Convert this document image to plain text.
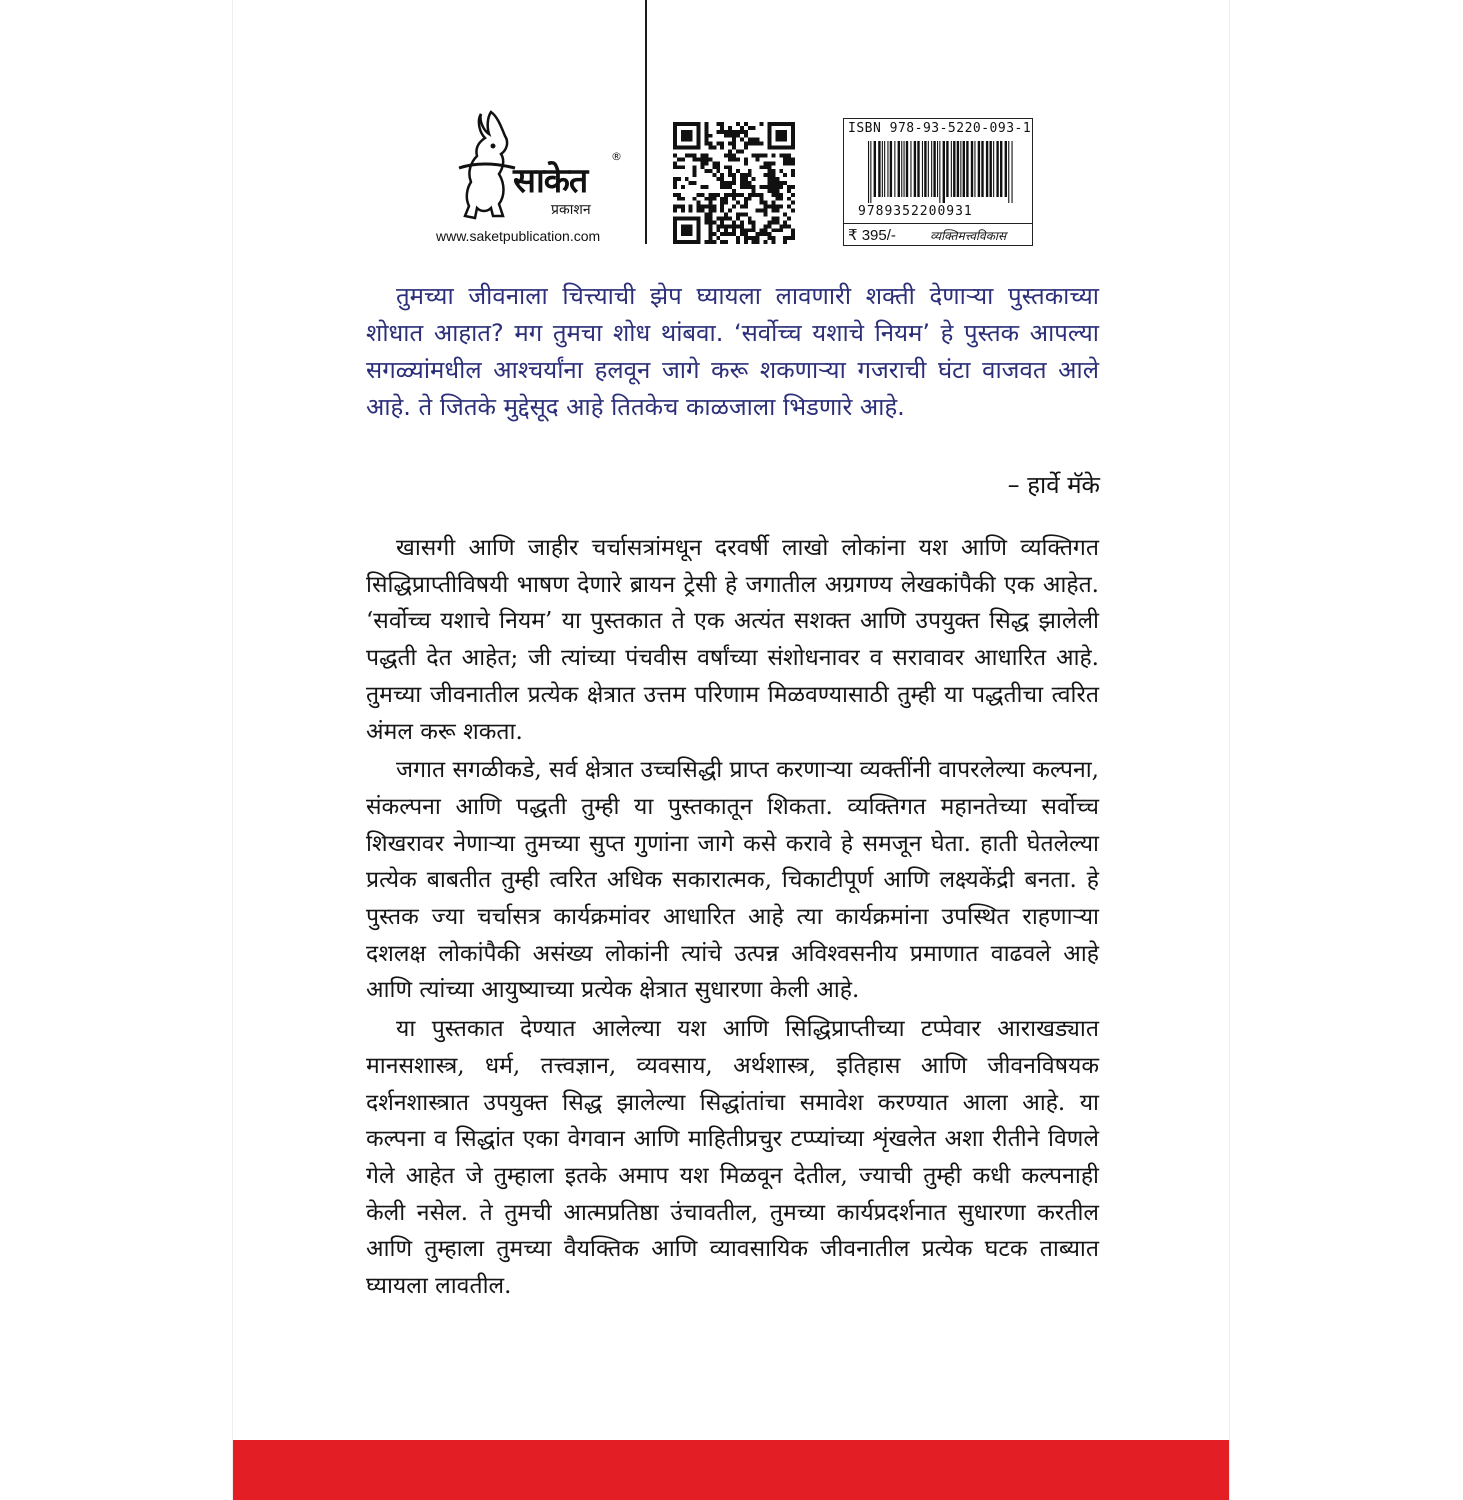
साकेत
®
प्रकाशन
www.saketpublication.com
ISBN 978-93-5220-093-1
9789352200931
₹ 395/-	व्यक्तिमत्त्वविकास

तुमच्या जीवनाला चित्त्याची झेप घ्यायला लावणारी शक्ती देणाऱ्या पुस्तकाच्या शोधात आहात? मग तुमचा शोध थांबवा. ‘सर्वोच्च यशाचे नियम’ हे पुस्तक आपल्या सगळ्यांमधील आश्चर्यांना हलवून जागे करू शकणाऱ्या गजराची घंटा वाजवत आले आहे. ते जितके मुद्देसूद आहे तितकेच काळजाला भिडणारे आहे.

– हार्वे मॅके

खासगी आणि जाहीर चर्चासत्रांमधून दरवर्षी लाखो लोकांना यश आणि व्यक्तिगत सिद्धिप्राप्तीविषयी भाषण देणारे ब्रायन ट्रेसी हे जगातील अग्रगण्य लेखकांपैकी एक आहेत. ‘सर्वोच्च यशाचे नियम’ या पुस्तकात ते एक अत्यंत सशक्त आणि उपयुक्त सिद्ध झालेली पद्धती देत आहेत; जी त्यांच्या पंचवीस वर्षांच्या संशोधनावर व सरावावर आधारित आहे. तुमच्या जीवनातील प्रत्येक क्षेत्रात उत्तम परिणाम मिळवण्यासाठी तुम्ही या पद्धतीचा त्वरित अंमल करू शकता.

जगात सगळीकडे, सर्व क्षेत्रात उच्चसिद्धी प्राप्त करणाऱ्या व्यक्तींनी वापरलेल्या कल्पना, संकल्पना आणि पद्धती तुम्ही या पुस्तकातून शिकता. व्यक्तिगत महानतेच्या सर्वोच्च शिखरावर नेणाऱ्या तुमच्या सुप्त गुणांना जागे कसे करावे हे समजून घेता. हाती घेतलेल्या प्रत्येक बाबतीत तुम्ही त्वरित अधिक सकारात्मक, चिकाटीपूर्ण आणि लक्ष्यकेंद्री बनता. हे पुस्तक ज्या चर्चासत्र कार्यक्रमांवर आधारित आहे त्या कार्यक्रमांना उपस्थित राहणाऱ्या दशलक्ष लोकांपैकी असंख्य लोकांनी त्यांचे उत्पन्न अविश्वसनीय प्रमाणात वाढवले आहे आणि त्यांच्या आयुष्याच्या प्रत्येक क्षेत्रात सुधारणा केली आहे.

या पुस्तकात देण्यात आलेल्या यश आणि सिद्धिप्राप्तीच्या टप्पेवार आराखड्यात मानसशास्त्र, धर्म, तत्त्वज्ञान, व्यवसाय, अर्थशास्त्र, इतिहास आणि जीवनविषयक दर्शनशास्त्रात उपयुक्त सिद्ध झालेल्या सिद्धांतांचा समावेश करण्यात आला आहे. या कल्पना व सिद्धांत एका वेगवान आणि माहितीप्रचुर टप्प्यांच्या शृंखलेत अशा रीतीने विणले गेले आहेत जे तुम्हाला इतके अमाप यश मिळवून देतील, ज्याची तुम्ही कधी कल्पनाही केली नसेल. ते तुमची आत्मप्रतिष्ठा उंचावतील, तुमच्या कार्यप्रदर्शनात सुधारणा करतील आणि तुम्हाला तुमच्या वैयक्तिक आणि व्यावसायिक जीवनातील प्रत्येक घटक ताब्यात घ्यायला लावतील.
